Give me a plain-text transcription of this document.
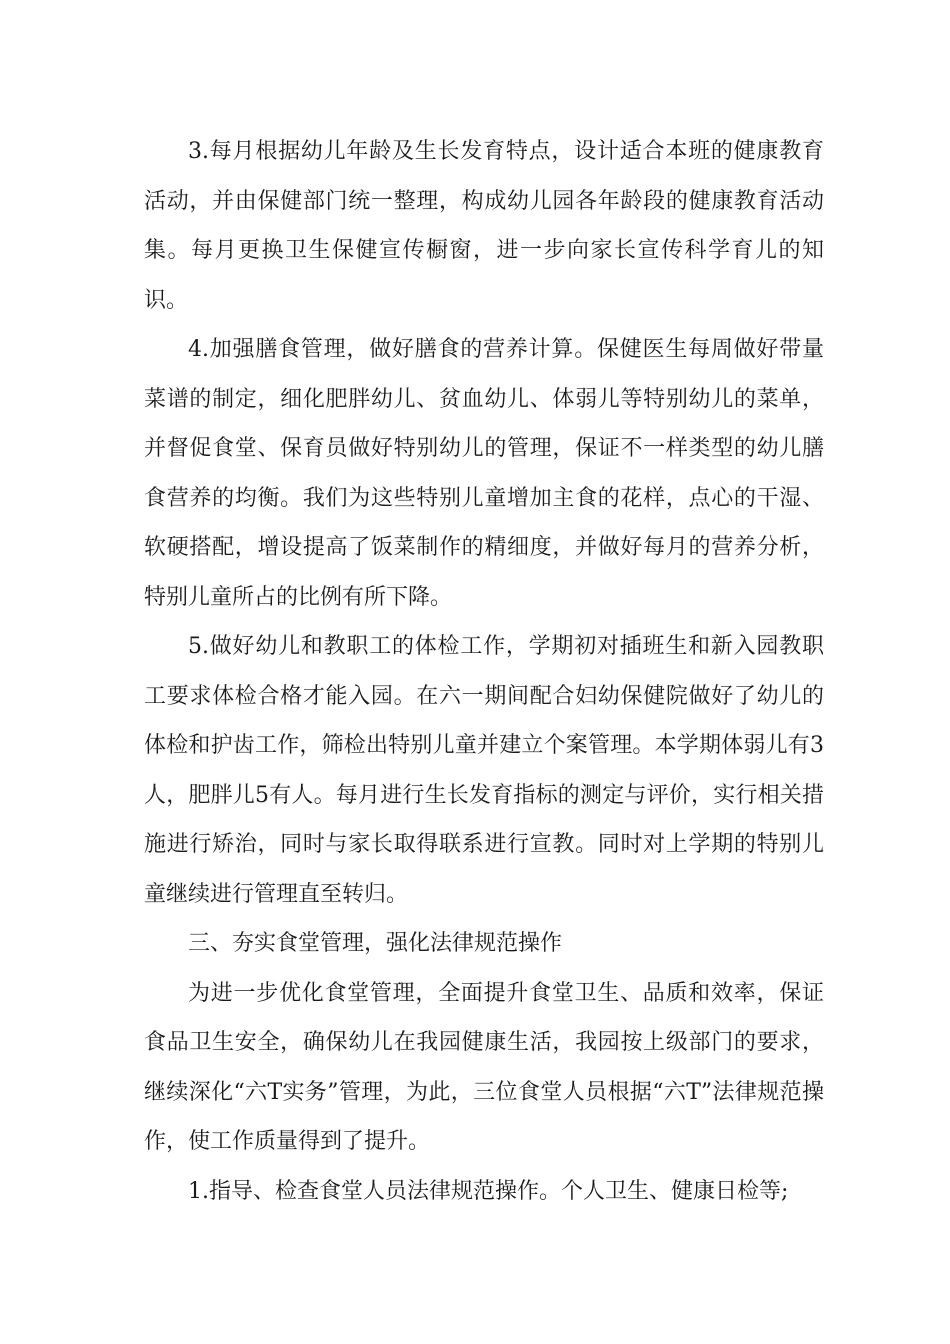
3.每月根据幼儿年龄及生长发育特点，设计适合本班的健康教育活动，并由保健部门统一整理，构成幼儿园各年龄段的健康教育活动集。每月更换卫生保健宣传橱窗，进一步向家长宣传科学育儿的知识。

4.加强膳食管理，做好膳食的营养计算。保健医生每周做好带量菜谱的制定，细化肥胖幼儿、贫血幼儿、体弱儿等特别幼儿的菜单，并督促食堂、保育员做好特别幼儿的管理，保证不一样类型的幼儿膳食营养的均衡。我们为这些特别儿童增加主食的花样，点心的干湿、软硬搭配，增设提高了饭菜制作的精细度，并做好每月的营养分析，特别儿童所占的比例有所下降。

5.做好幼儿和教职工的体检工作，学期初对插班生和新入园教职工要求体检合格才能入园。在六一期间配合妇幼保健院做好了幼儿的体检和护齿工作，筛检出特别儿童并建立个案管理。本学期体弱儿有3人，肥胖儿5有人。每月进行生长发育指标的测定与评价，实行相关措施进行矫治，同时与家长取得联系进行宣教。同时对上学期的特别儿童继续进行管理直至转归。

三、夯实食堂管理，强化法律规范操作

为进一步优化食堂管理，全面提升食堂卫生、品质和效率，保证食品卫生安全，确保幼儿在我园健康生活，我园按上级部门的要求，继续深化“六T实务”管理，为此，三位食堂人员根据“六T”法律规范操作，使工作质量得到了提升。

1.指导、检查食堂人员法律规范操作。个人卫生、健康日检等;
